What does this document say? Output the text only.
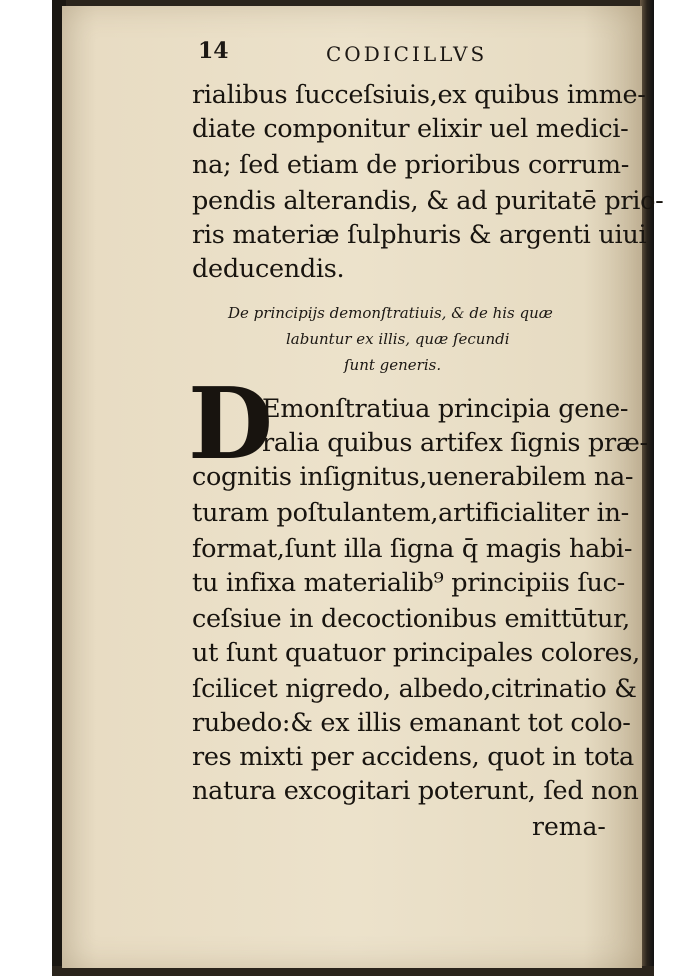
14	CODICILLVS
rialibus ſucceſsiuis,ex quibus imme-
diate componitur elixir uel medici-
na; ſed etiam de prioribus corrum-
pendis alterandis, & ad puritatē prio-
ris materiæ ſulphuris & argenti uiui
deducendis.
De principijs demonſtratiuis, & de his quæ
labuntur ex illis, quæ ſecundi
ſunt generis.
D
Emonſtratiua principia gene-
ralia quibus artifex ſignis præ-
cognitis inſignitus,uenerabilem na-
turam poſtulantem,artificialiter in-
format,ſunt illa ſigna q̄ magis habi-
tu infixa materialib⁹ principiis ſuc-
ceſsiue in decoctionibus emittūtur,
ut ſunt quatuor principales colores,
ſcilicet nigredo, albedo,citrinatio &
rubedo:& ex illis emanant tot colo-
res mixti per accidens, quot in tota
natura excogitari poterunt, ſed non
rema-
